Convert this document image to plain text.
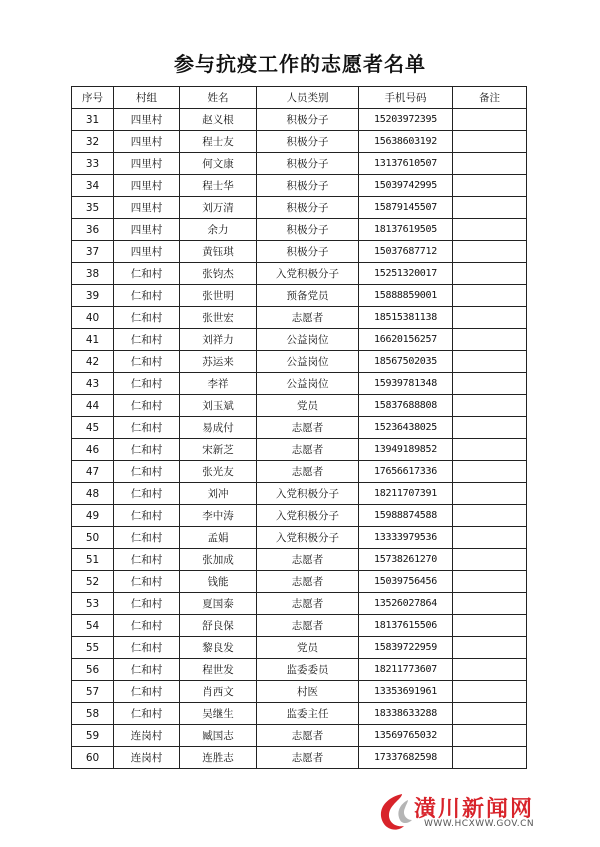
参与抗疫工作的志愿者名单
序号	村组	姓名	人员类别	手机号码	备注
31	四里村	赵义根	积极分子	15203972395	
32	四里村	程士友	积极分子	15638603192	
33	四里村	何文康	积极分子	13137610507	
34	四里村	程士华	积极分子	15039742995	
35	四里村	刘万清	积极分子	15879145507	
36	四里村	余力	积极分子	18137619505	
37	四里村	黄钰琪	积极分子	15037687712	
38	仁和村	张钧杰	入党积极分子	15251320017	
39	仁和村	张世明	预备党员	15888859001	
40	仁和村	张世宏	志愿者	18515381138	
41	仁和村	刘祥力	公益岗位	16620156257	
42	仁和村	苏运来	公益岗位	18567502035	
43	仁和村	李祥	公益岗位	15939781348	
44	仁和村	刘玉斌	党员	15837688808	
45	仁和村	易成付	志愿者	15236438025	
46	仁和村	宋新芝	志愿者	13949189852	
47	仁和村	张光友	志愿者	17656617336	
48	仁和村	刘冲	入党积极分子	18211707391	
49	仁和村	李中涛	入党积极分子	15988874588	
50	仁和村	孟娟	入党积极分子	13333979536	
51	仁和村	张加成	志愿者	15738261270	
52	仁和村	钱能	志愿者	15039756456	
53	仁和村	夏国泰	志愿者	13526027864	
54	仁和村	舒良保	志愿者	18137615506	
55	仁和村	黎良发	党员	15839722959	
56	仁和村	程世发	监委委员	18211773607	
57	仁和村	肖西文	村医	13353691961	
58	仁和村	吴继生	监委主任	18338633288	
59	连岗村	臧国志	志愿者	13569765032	
60	连岗村	连胜志	志愿者	17337682598	
潢川新闻网
WWW.HCXWW.GOV.CN
